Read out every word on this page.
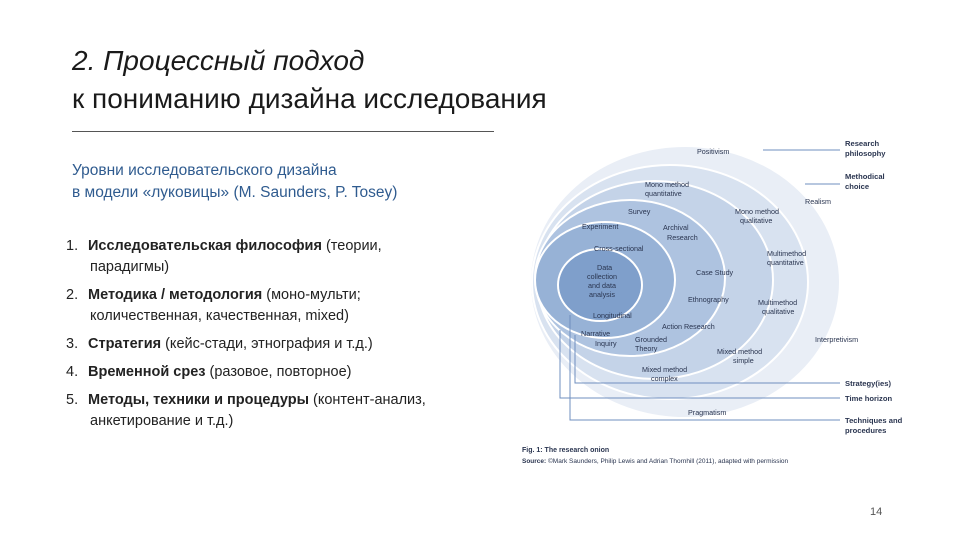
2. Процессный подход
к пониманию дизайна исследования
Уровни исследовательского дизайна
в модели «луковицы» (M. Saunders, P. Tosey)
1. Исследовательская философия (теории,
парадигмы)
2. Методика / методология (моно-мульти;
количественная, качественная, mixed)
3. Стратегия (кейс-стади, этнография и т.д.)
4. Временной срез (разовое, повторное)
5. Методы, техники и процедуры (контент-анализ,
анкетирование и т.д.)
Positivism
Mono method
quantitative
Survey
Experiment	Archival
Research
Cross-sectional
Data
collection
and data
analysis
Longitudinal
Narrative
Inquiry	Grounded
Theory
Case Study
Ethnography
Action Research
Mixed method
simple
Mixed method
complex
Mono method
qualitative
Multimethod
quantitative
Multimethod
qualitative
Realism
Interpretivism
Pragmatism
Research
philosophy
Methodical
choice
Strategy(ies)
Time horizon
Techniques and
procedures
Fig. 1: The research onion
Source: ©Mark Saunders, Philip Lewis and Adrian Thornhill (2011), adapted with permission
14
